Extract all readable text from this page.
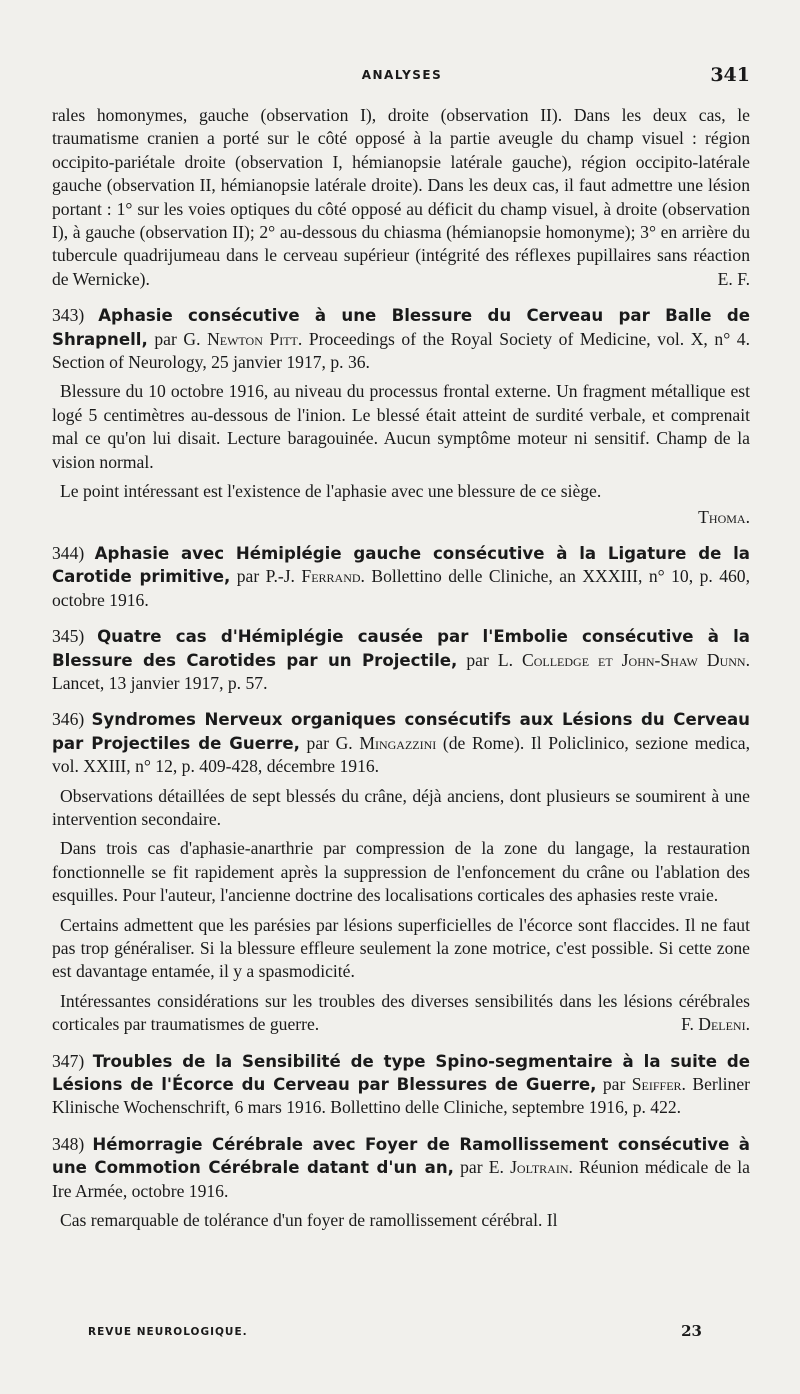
ANALYSES	341

rales homonymes, gauche (observation I), droite (observation II). Dans les deux cas, le traumatisme cranien a porté sur le côté opposé à la partie aveugle du champ visuel : région occipito-pariétale droite (observation I, hémianopsie latérale gauche), région occipito-latérale gauche (observation II, hémianopsie latérale droite). Dans les deux cas, il faut admettre une lésion portant : 1° sur les voies optiques du côté opposé au déficit du champ visuel, à droite (observation I), à gauche (observation II); 2° au-dessous du chiasma (hémianopsie homonyme); 3° en arrière du tubercule quadrijumeau dans le cerveau supérieur (intégrité des réflexes pupillaires sans réaction de Wernicke).	E. F.

343) Aphasie consécutive à une Blessure du Cerveau par Balle de Shrapnell, par G. Newton Pitt. Proceedings of the Royal Society of Medicine, vol. X, n° 4. Section of Neurology, 25 janvier 1917, p. 36.

Blessure du 10 octobre 1916, au niveau du processus frontal externe. Un fragment métallique est logé 5 centimètres au-dessous de l'inion. Le blessé était atteint de surdité verbale, et comprenait mal ce qu'on lui disait. Lecture baragouinée. Aucun symptôme moteur ni sensitif. Champ de la vision normal.

Le point intéressant est l'existence de l'aphasie avec une blessure de ce siège.

Thoma.

344) Aphasie avec Hémiplégie gauche consécutive à la Ligature de la Carotide primitive, par P.-J. Ferrand. Bollettino delle Cliniche, an XXXIII, n° 10, p. 460, octobre 1916.

345) Quatre cas d'Hémiplégie causée par l'Embolie consécutive à la Blessure des Carotides par un Projectile, par L. Colledge et John-Shaw Dunn. Lancet, 13 janvier 1917, p. 57.

346) Syndromes Nerveux organiques consécutifs aux Lésions du Cerveau par Projectiles de Guerre, par G. Mingazzini (de Rome). Il Policlinico, sezione medica, vol. XXIII, n° 12, p. 409-428, décembre 1916.

Observations détaillées de sept blessés du crâne, déjà anciens, dont plusieurs se soumirent à une intervention secondaire.

Dans trois cas d'aphasie-anarthrie par compression de la zone du langage, la restauration fonctionnelle se fit rapidement après la suppression de l'enfoncement du crâne ou l'ablation des esquilles. Pour l'auteur, l'ancienne doctrine des localisations corticales des aphasies reste vraie.

Certains admettent que les parésies par lésions superficielles de l'écorce sont flaccides. Il ne faut pas trop généraliser. Si la blessure effleure seulement la zone motrice, c'est possible. Si cette zone est davantage entamée, il y a spasmodicité.

Intéressantes considérations sur les troubles des diverses sensibilités dans les lésions cérébrales corticales par traumatismes de guerre.	F. Deleni.

347) Troubles de la Sensibilité de type Spino-segmentaire à la suite de Lésions de l'Écorce du Cerveau par Blessures de Guerre, par Seiffer. Berliner Klinische Wochenschrift, 6 mars 1916. Bollettino delle Cliniche, septembre 1916, p. 422.

348) Hémorragie Cérébrale avec Foyer de Ramollissement consécutive à une Commotion Cérébrale datant d'un an, par E. Joltrain. Réunion médicale de la Ire Armée, octobre 1916.

Cas remarquable de tolérance d'un foyer de ramollissement cérébral. Il

REVUE NEUROLOGIQUE.	23
